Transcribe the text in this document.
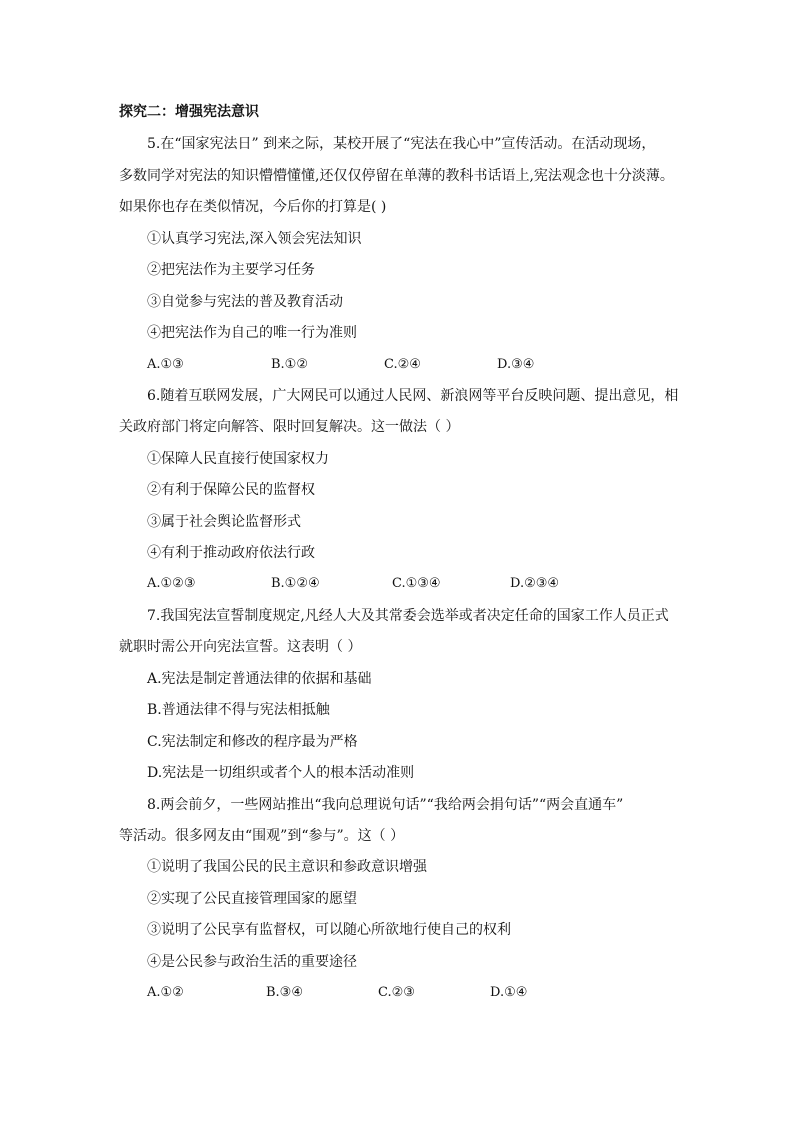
探究二：增强宪法意识
5.在“国家宪法日” 到来之际，某校开展了“宪法在我心中”宣传活动。在活动现场，
多数同学对宪法的知识懵懵懂懂,还仅仅停留在单薄的教科书话语上,宪法观念也十分淡薄。
如果你也存在类似情况，今后你的打算是( )
①认真学习宪法,深入领会宪法知识
②把宪法作为主要学习任务
③自觉参与宪法的普及教育活动
④把宪法作为自己的唯一行为准则
A.①③	B.①②	C.②④	D.③④
6.随着互联网发展，广大网民可以通过人民网、新浪网等平台反映问题、提出意见，相
关政府部门将定向解答、限时回复解决。这一做法（ ）
①保障人民直接行使国家权力
②有利于保障公民的监督权
③属于社会舆论监督形式
④有利于推动政府依法行政
A.①②③	B.①②④	C.①③④	D.②③④
7.我国宪法宣誓制度规定,凡经人大及其常委会选举或者决定任命的国家工作人员正式
就职时需公开向宪法宣誓。这表明（ ）
A.宪法是制定普通法律的依据和基础
B.普通法律不得与宪法相抵触
C.宪法制定和修改的程序最为严格
D.宪法是一切组织或者个人的根本活动准则
8.两会前夕，一些网站推出“我向总理说句话”“我给两会捐句话”“两会直通车”
等活动。很多网友由“围观”到“参与”。这（ ）
①说明了我国公民的民主意识和参政意识增强
②实现了公民直接管理国家的愿望
③说明了公民享有监督权，可以随心所欲地行使自己的权利
④是公民参与政治生活的重要途径
A.①②	B.③④	C.②③	D.①④
